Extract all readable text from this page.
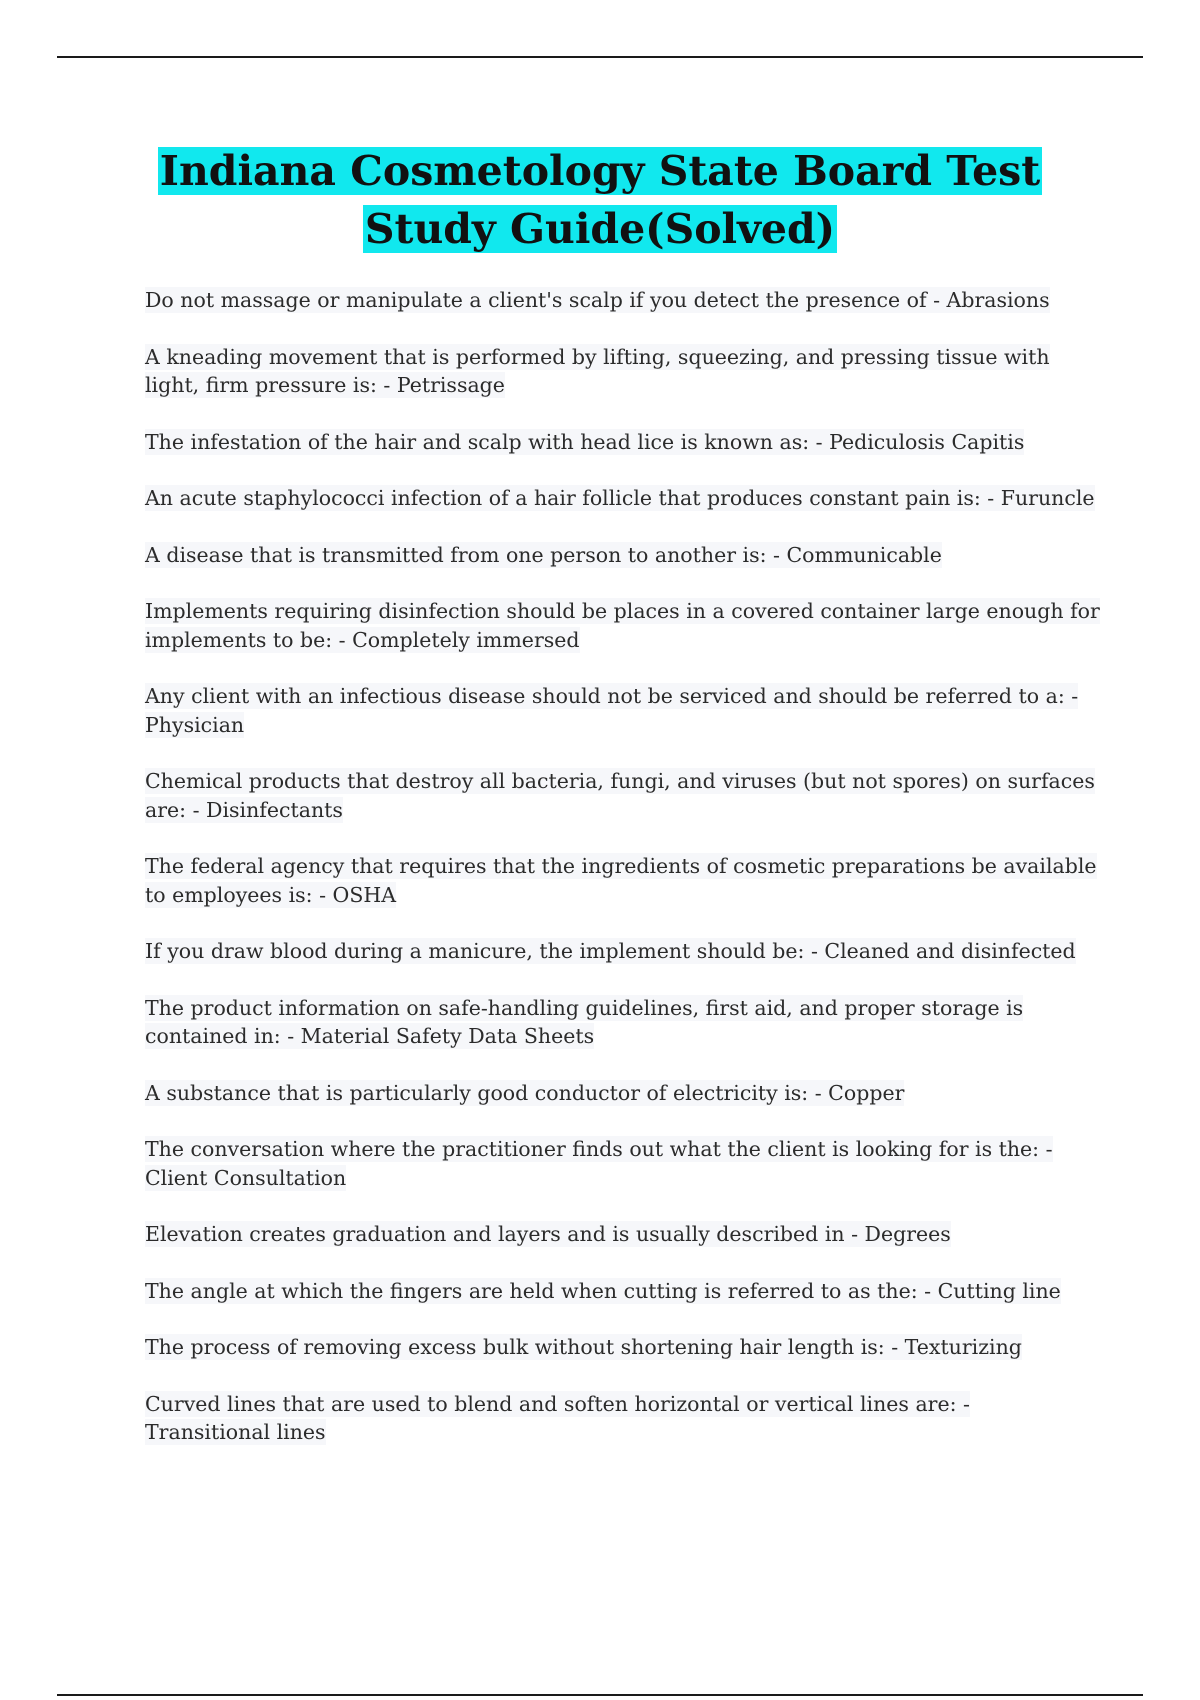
Indiana Cosmetology State Board Test
Study Guide(Solved)
Do not massage or manipulate a client's scalp if you detect the presence of - Abrasions
A kneading movement that is performed by lifting, squeezing, and pressing tissue with light, firm pressure is: - Petrissage
The infestation of the hair and scalp with head lice is known as: - Pediculosis Capitis
An acute staphylococci infection of a hair follicle that produces constant pain is: - Furuncle
A disease that is transmitted from one person to another is: - Communicable
Implements requiring disinfection should be places in a covered container large enough for implements to be: - Completely immersed
Any client with an infectious disease should not be serviced and should be referred to a: - Physician
Chemical products that destroy all bacteria, fungi, and viruses (but not spores) on surfaces are: - Disinfectants
The federal agency that requires that the ingredients of cosmetic preparations be available to employees is: - OSHA
If you draw blood during a manicure, the implement should be: - Cleaned and disinfected
The product information on safe-handling guidelines, first aid, and proper storage is contained in: - Material Safety Data Sheets
A substance that is particularly good conductor of electricity is: - Copper
The conversation where the practitioner finds out what the client is looking for is the: - Client Consultation
Elevation creates graduation and layers and is usually described in - Degrees
The angle at which the fingers are held when cutting is referred to as the: - Cutting line
The process of removing excess bulk without shortening hair length is: - Texturizing
Curved lines that are used to blend and soften horizontal or vertical lines are: - Transitional lines
